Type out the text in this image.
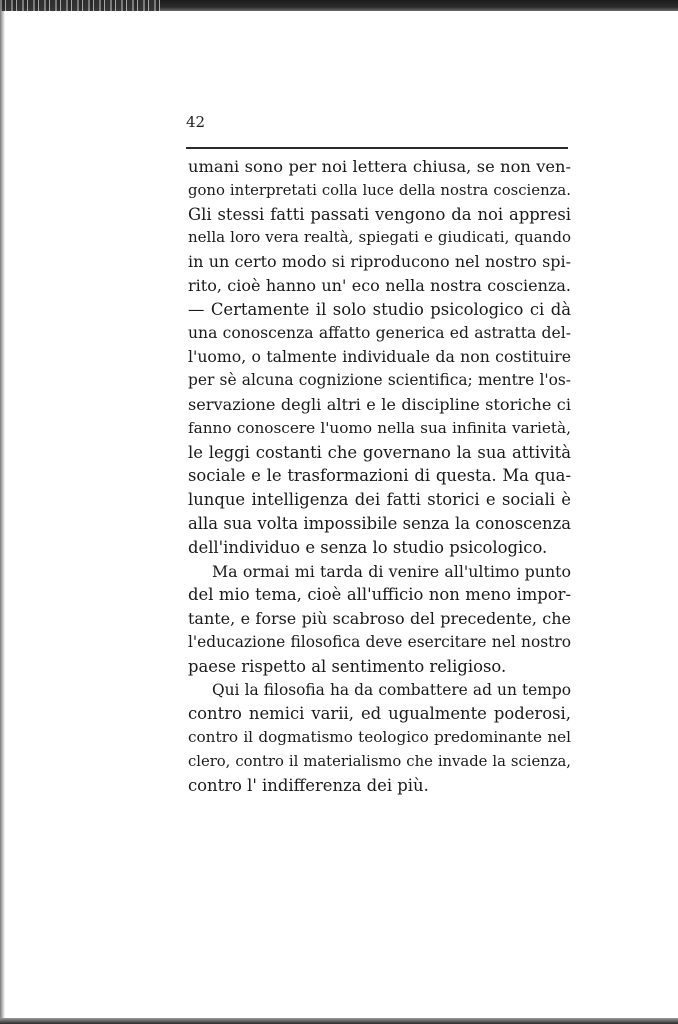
42
umani sono per noi lettera chiusa, se non ven-
gono interpretati colla luce della nostra coscienza.
Gli stessi fatti passati vengono da noi appresi
nella loro vera realtà, spiegati e giudicati, quando
in un certo modo si riproducono nel nostro spi-
rito, cioè hanno un' eco nella nostra coscienza.
— Certamente il solo studio psicologico ci dà
una conoscenza affatto generica ed astratta del-
l'uomo, o talmente individuale da non costituire
per sè alcuna cognizione scientifica; mentre l'os-
servazione degli altri e le discipline storiche ci
fanno conoscere l'uomo nella sua infinita varietà,
le leggi costanti che governano la sua attività
sociale e le trasformazioni di questa. Ma qua-
lunque intelligenza dei fatti storici e sociali è
alla sua volta impossibile senza la conoscenza
dell'individuo e senza lo studio psicologico.
Ma ormai mi tarda di venire all'ultimo punto
del mio tema, cioè all'ufficio non meno impor-
tante, e forse più scabroso del precedente, che
l'educazione filosofica deve esercitare nel nostro
paese rispetto al sentimento religioso.
Qui la filosofia ha da combattere ad un tempo
contro nemici varii, ed ugualmente poderosi,
contro il dogmatismo teologico predominante nel
clero, contro il materialismo che invade la scienza,
contro l' indifferenza dei più.
